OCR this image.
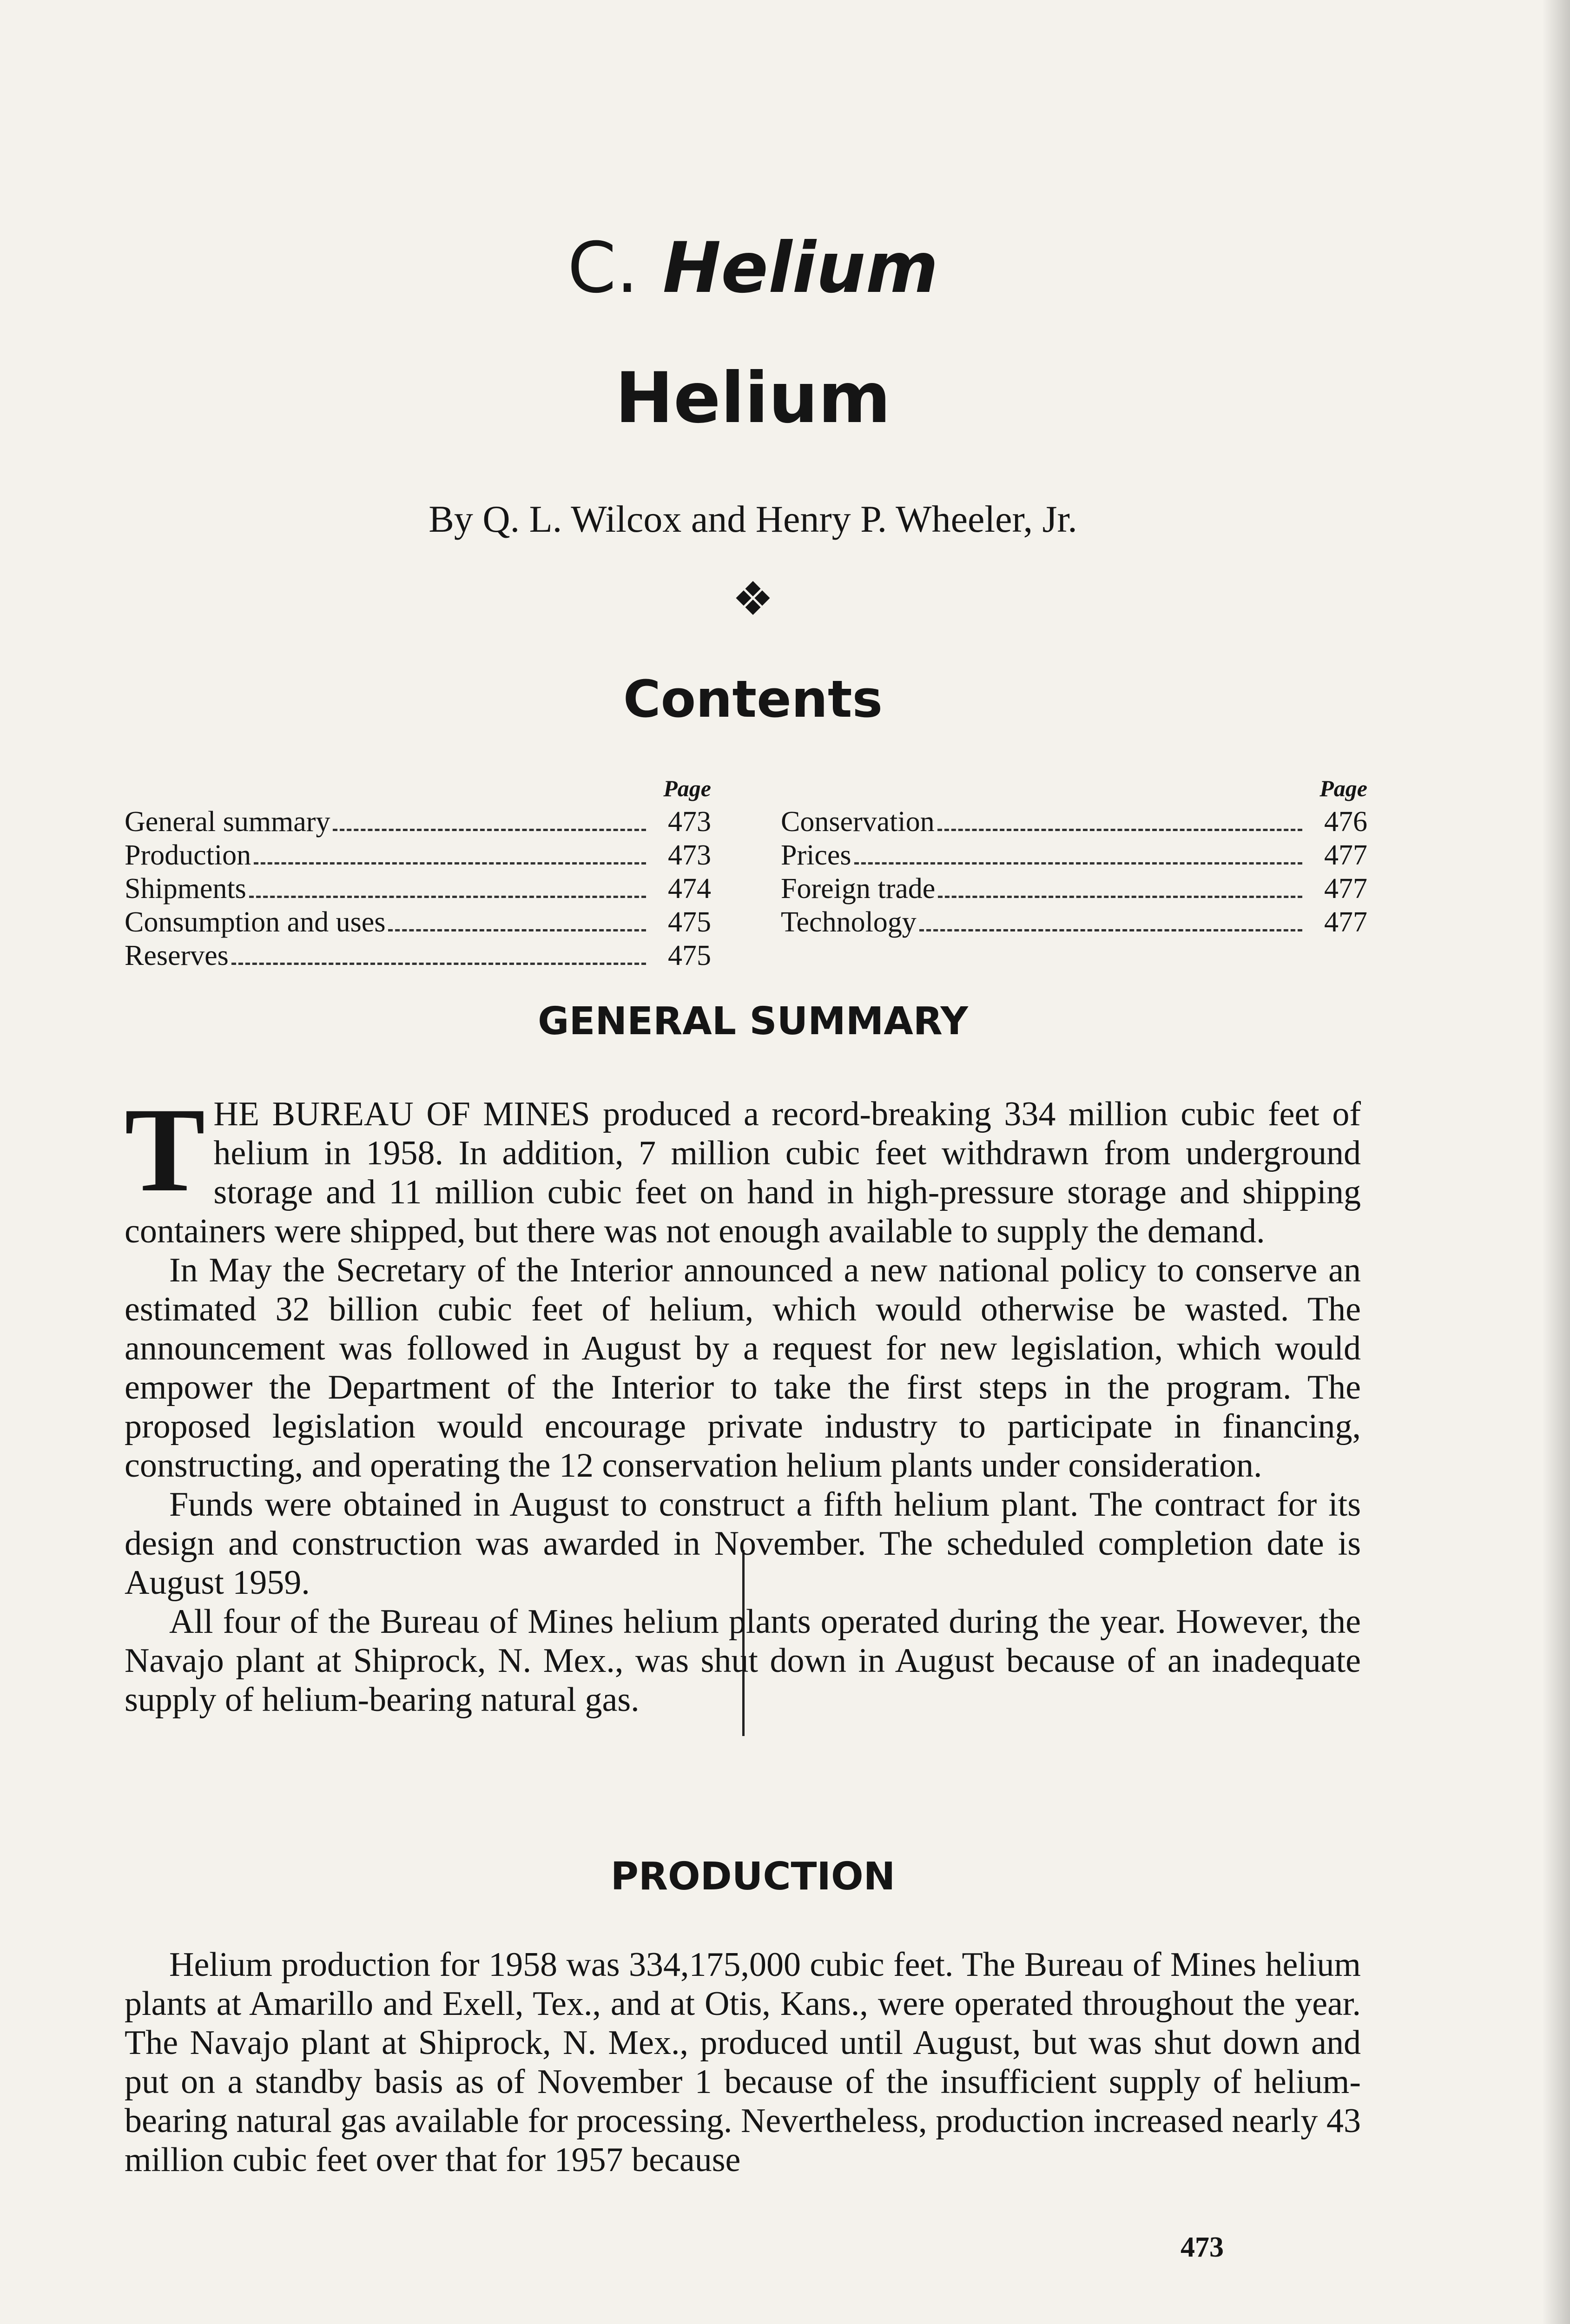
C. Helium
Helium
By Q. L. Wilcox and Henry P. Wheeler, Jr.
❖
Contents
Page
General summary	473
Production	473
Shipments	474
Consumption and uses	475
Reserves	475
Page
Conservation	476
Prices	477
Foreign trade	477
Technology	477
GENERAL SUMMARY

THE BUREAU OF MINES produced a record-breaking 334 million cubic feet of helium in 1958. In addition, 7 million cubic feet withdrawn from underground storage and 11 million cubic feet on hand in high-pressure storage and shipping containers were shipped, but there was not enough available to supply the demand.

In May the Secretary of the Interior announced a new national policy to conserve an estimated 32 billion cubic feet of helium, which would otherwise be wasted. The announcement was followed in August by a request for new legislation, which would empower the Department of the Interior to take the first steps in the program. The proposed legislation would encourage private industry to participate in financing, constructing, and operating the 12 conservation helium plants under consideration.

Funds were obtained in August to construct a fifth helium plant. The contract for its design and construction was awarded in November. The scheduled completion date is August 1959.

All four of the Bureau of Mines helium plants operated during the year. However, the Navajo plant at Shiprock, N. Mex., was shut down in August because of an inadequate supply of helium-bearing natural gas.

PRODUCTION

Helium production for 1958 was 334,175,000 cubic feet. The Bureau of Mines helium plants at Amarillo and Exell, Tex., and at Otis, Kans., were operated throughout the year. The Navajo plant at Shiprock, N. Mex., produced until August, but was shut down and put on a standby basis as of November 1 because of the insufficient supply of helium-bearing natural gas available for processing. Nevertheless, production increased nearly 43 million cubic feet over that for 1957 because

473
